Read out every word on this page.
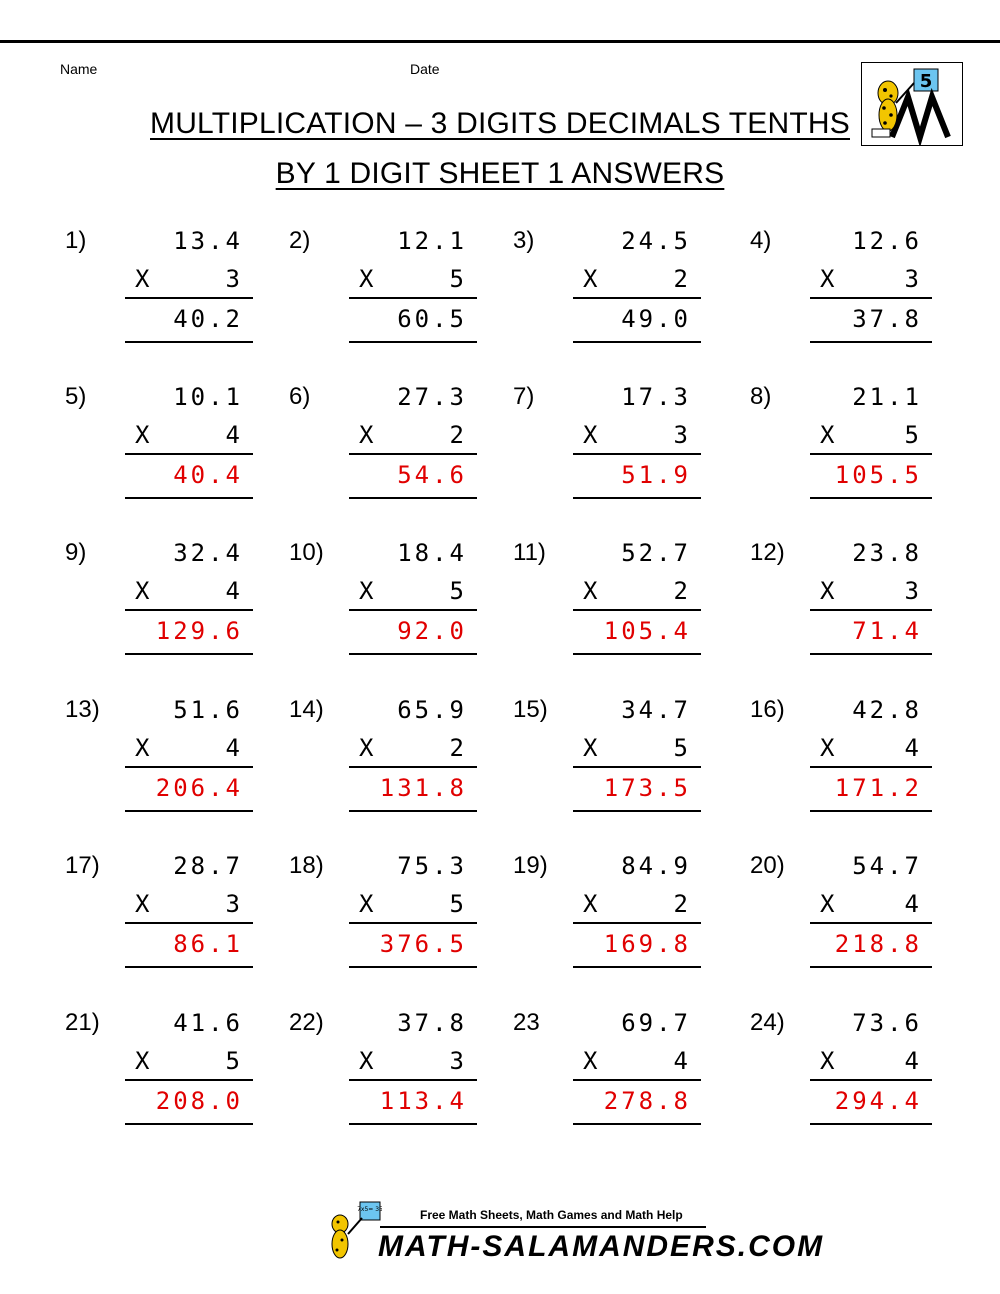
Name	Date
MULTIPLICATION – 3 DIGITS DECIMALS TENTHS
BY 1 DIGIT SHEET 1 ANSWERS
5
1)	13.4
X	3
40.2
2)	12.1
X	5
60.5
3)	24.5
X	2
49.0
4)	12.6
X	3
37.8
5)	10.1
X	4
40.4
6)	27.3
X	2
54.6
7)	17.3
X	3
51.9
8)	21.1
X	5
105.5
9)	32.4
X	4
129.6
10)	18.4
X	5
92.0
11)	52.7
X	2
105.4
12)	23.8
X	3
71.4
13)	51.6
X	4
206.4
14)	65.9
X	2
131.8
15)	34.7
X	5
173.5
16)	42.8
X	4
171.2
17)	28.7
X	3
86.1
18)	75.3
X	5
376.5
19)	84.9
X	2
169.8
20)	54.7
X	4
218.8
21)	41.6
X	5
208.0
22)	37.8
X	3
113.4
23	69.7
X	4
278.8
24)	73.6
X	4
294.4
7x5= 35	Free Math Sheets, Math Games and Math Help
MATH-SALAMANDERS.COM
